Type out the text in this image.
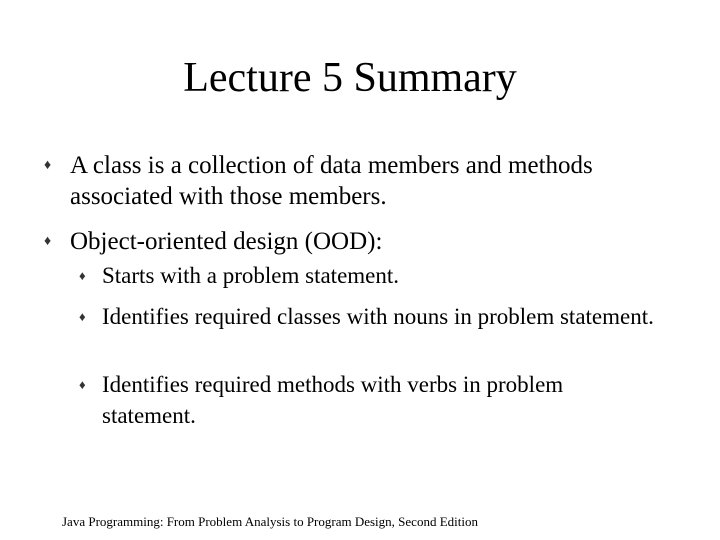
Lecture 5 Summary
♦ A class is a collection of data members and methods associated with those members.
♦ Object-oriented design (OOD):
♦ Starts with a problem statement.
♦ Identifies required classes with nouns in problem statement.
♦ Identifies required methods with verbs in problem statement.
Java Programming: From Problem Analysis to Program Design, Second Edition
